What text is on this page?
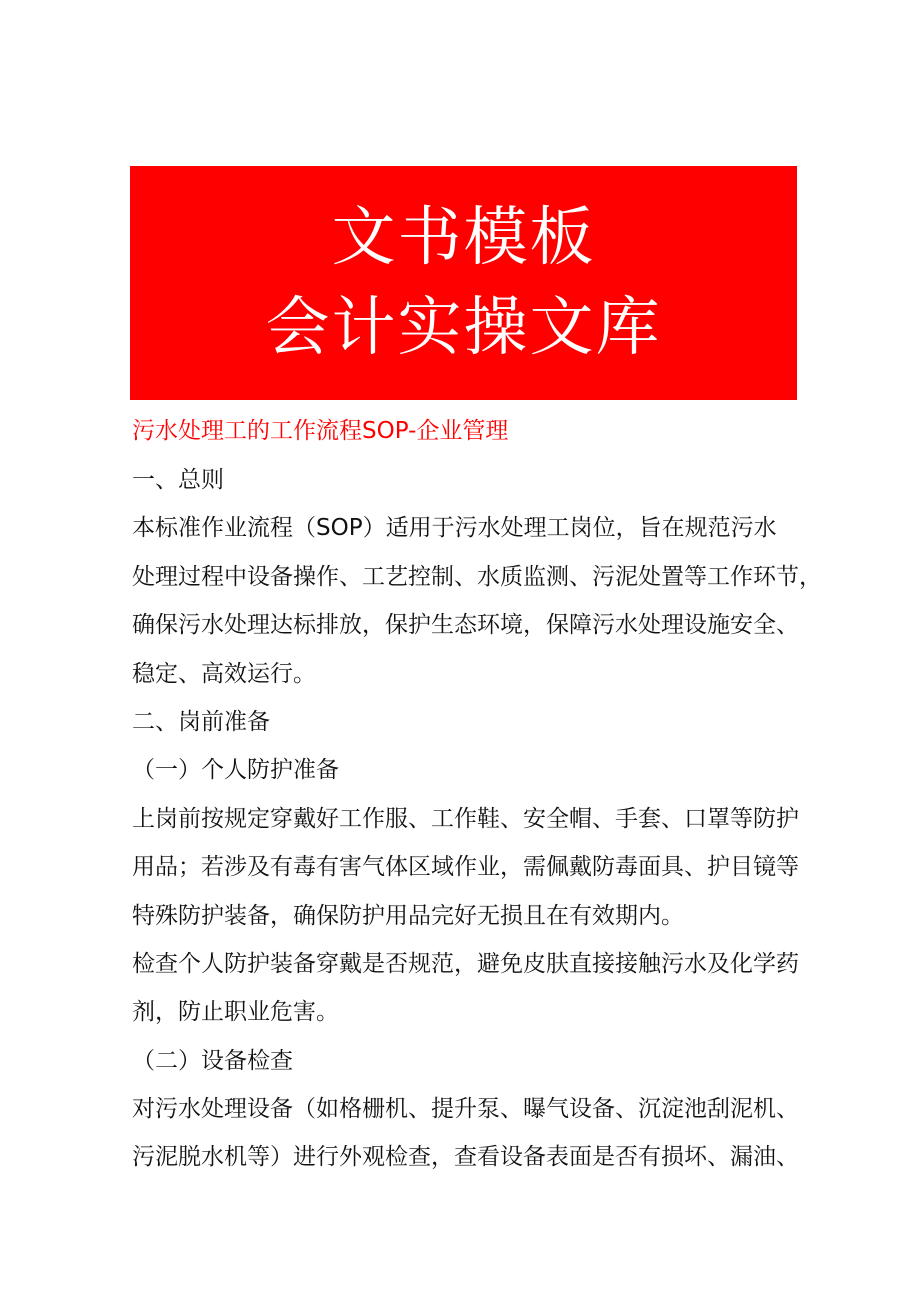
文书模板
会计实操文库
污水处理工的工作流程SOP-企业管理
一、总则
本标准作业流程（SOP）适用于污水处理工岗位，旨在规范污水
处理过程中设备操作、工艺控制、水质监测、污泥处置等工作环节，
确保污水处理达标排放，保护生态环境，保障污水处理设施安全、
稳定、高效运行。
二、岗前准备
（一）个人防护准备
上岗前按规定穿戴好工作服、工作鞋、安全帽、手套、口罩等防护
用品；若涉及有毒有害气体区域作业，需佩戴防毒面具、护目镜等
特殊防护装备，确保防护用品完好无损且在有效期内。
检查个人防护装备穿戴是否规范，避免皮肤直接接触污水及化学药
剂，防止职业危害。
（二）设备检查
对污水处理设备（如格栅机、提升泵、曝气设备、沉淀池刮泥机、
污泥脱水机等）进行外观检查，查看设备表面是否有损坏、漏油、
